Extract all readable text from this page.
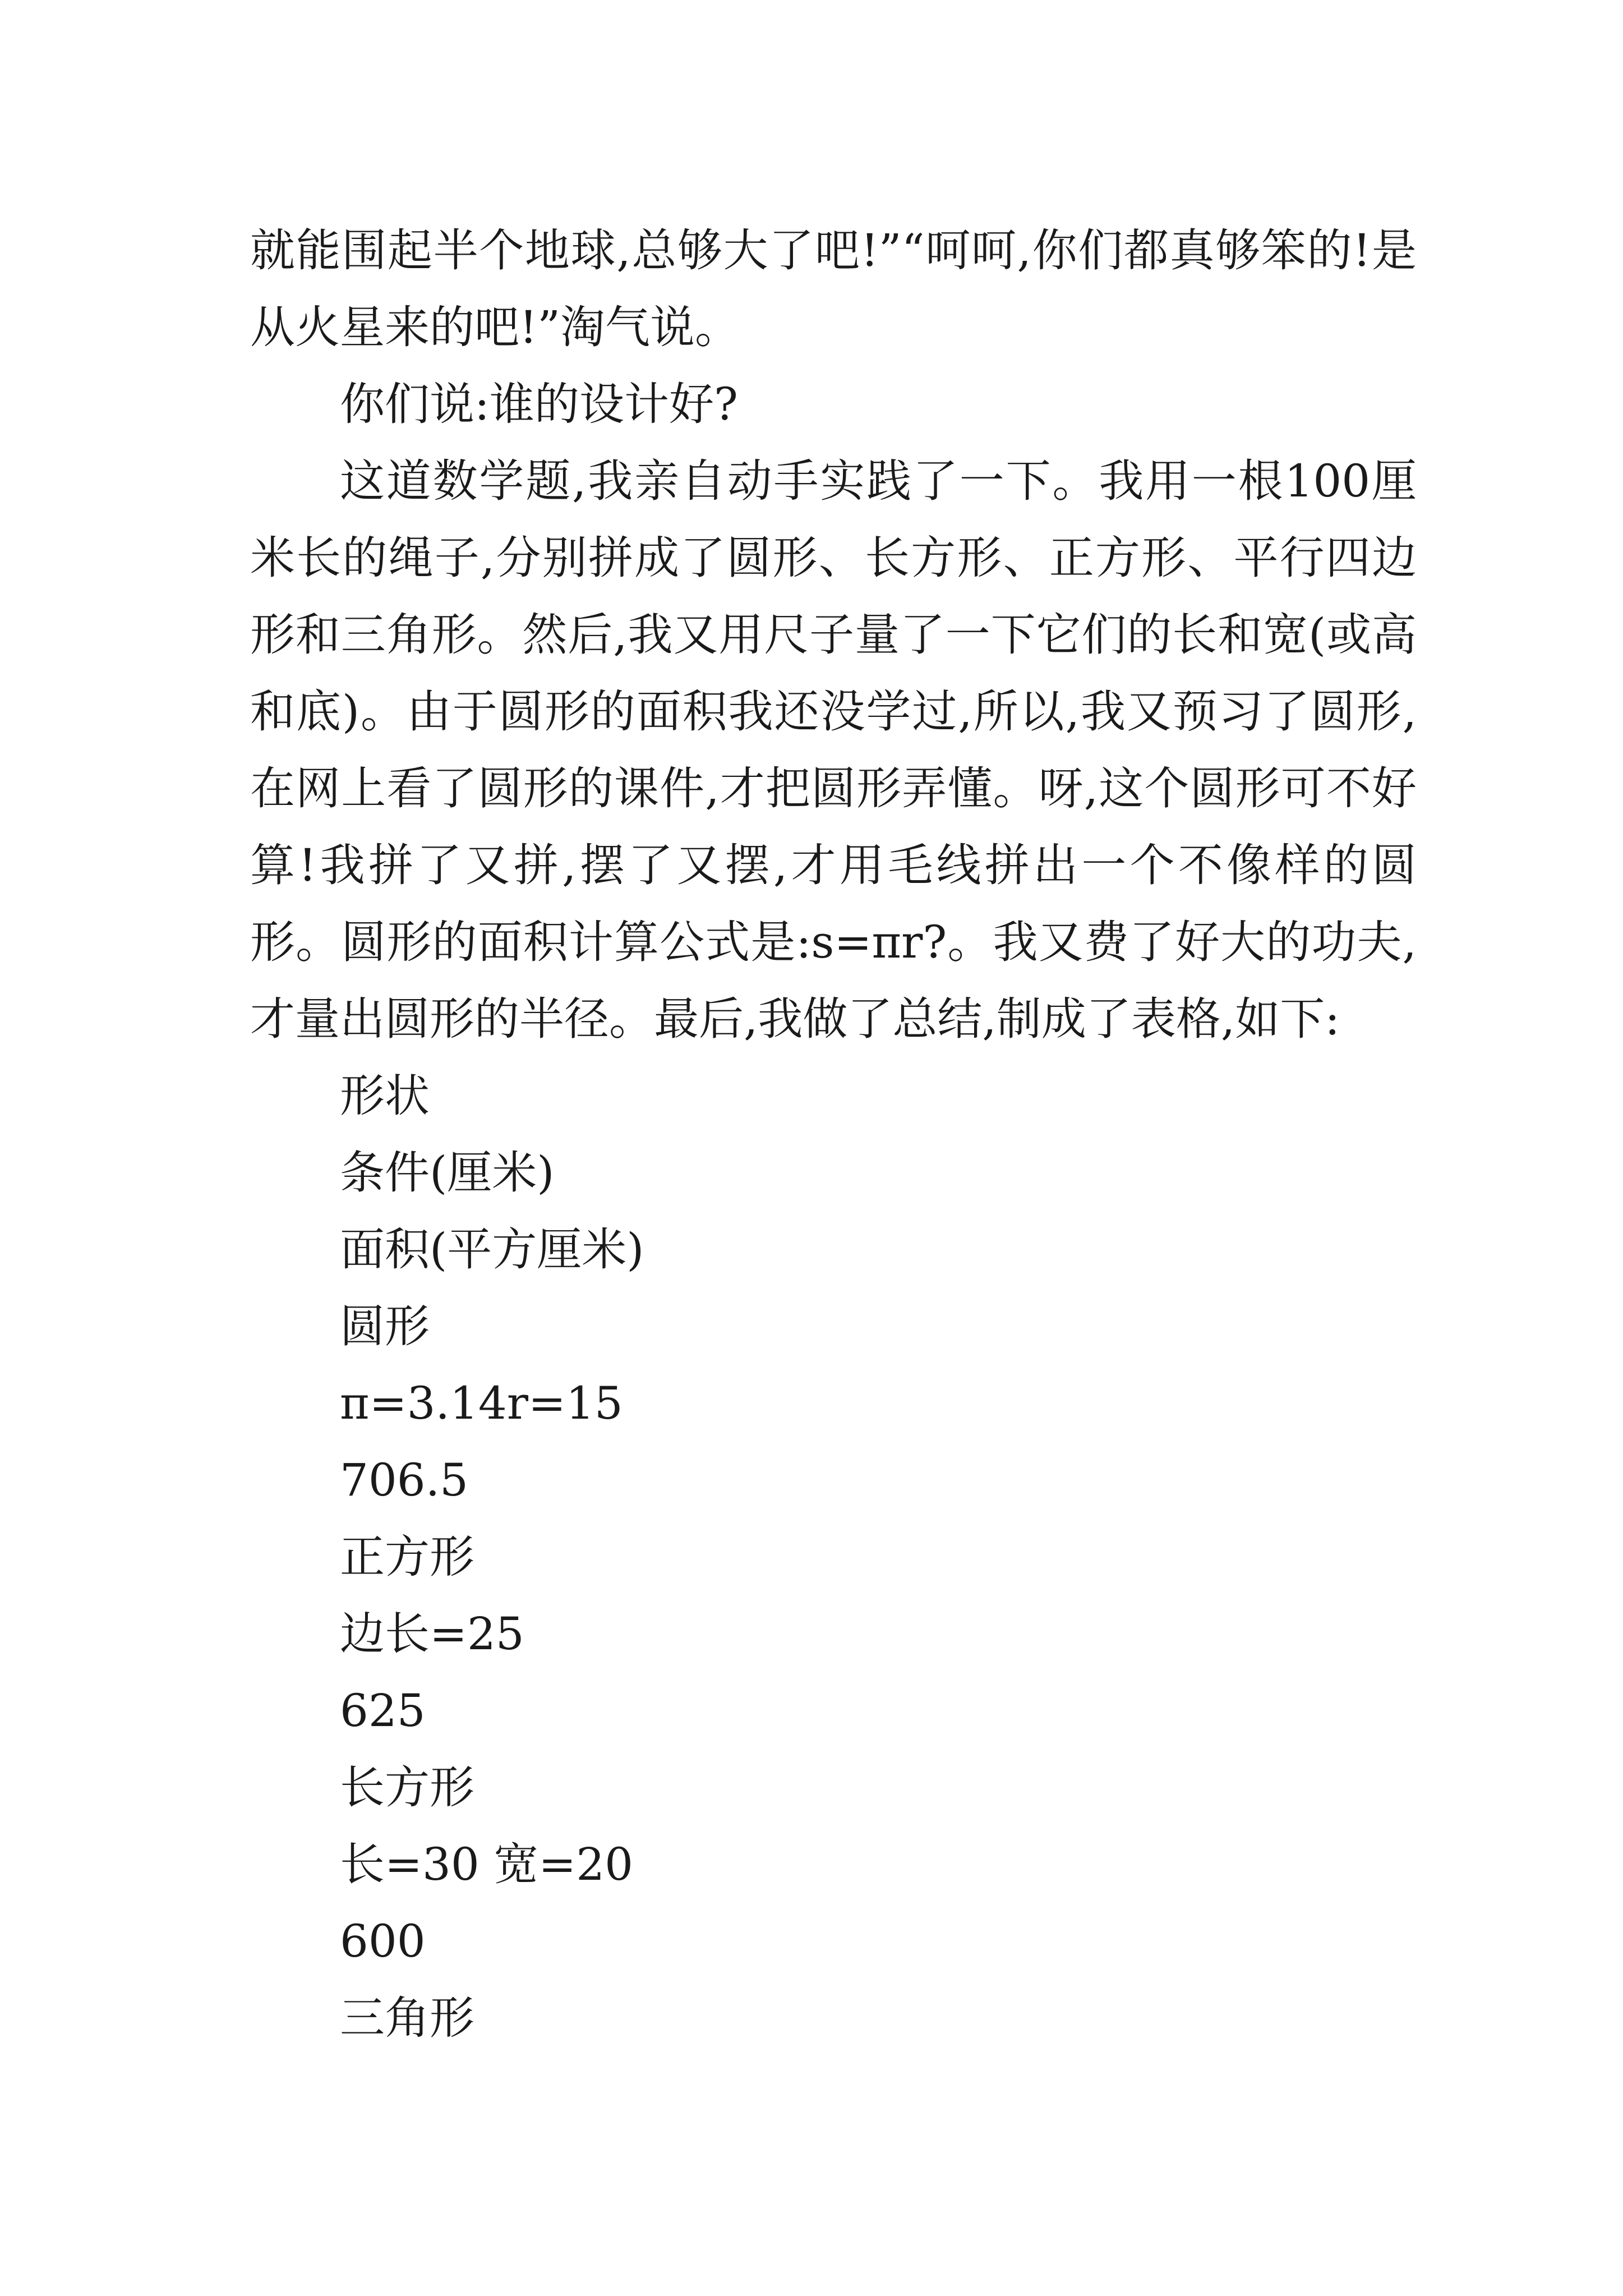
就能围起半个地球,总够大了吧!”“呵呵,你们都真够笨的!是从火星来的吧!”淘气说。

你们说:谁的设计好?

这道数学题,我亲自动手实践了一下。我用一根100厘米长的绳子,分别拼成了圆形、长方形、正方形、平行四边形和三角形。然后,我又用尺子量了一下它们的长和宽(或高和底)。由于圆形的面积我还没学过,所以,我又预习了圆形,在网上看了圆形的课件,才把圆形弄懂。呀,这个圆形可不好算!我拼了又拼,摆了又摆,才用毛线拼出一个不像样的圆形。圆形的面积计算公式是:s=πr?。我又费了好大的功夫,才量出圆形的半径。最后,我做了总结,制成了表格,如下:

形状
条件(厘米)
面积(平方厘米)
圆形
π=3.14r=15
706.5
正方形
边长=25
625
长方形
长=30 宽=20
600
三角形
